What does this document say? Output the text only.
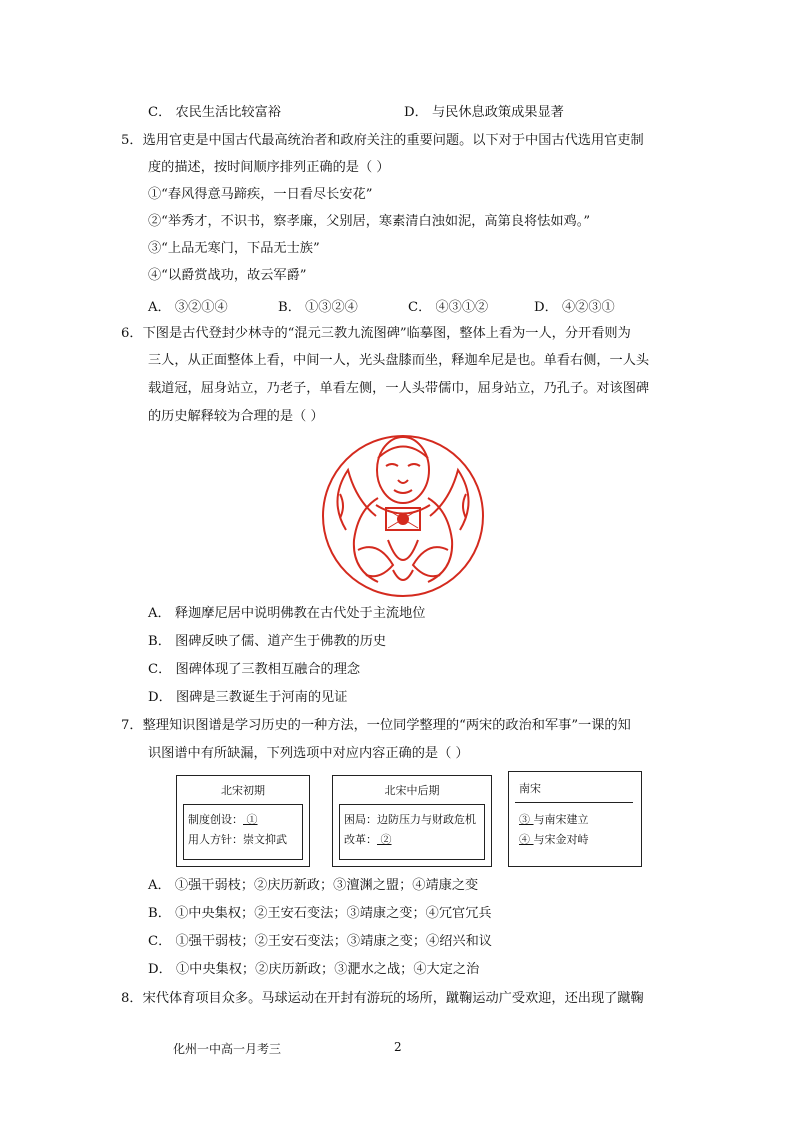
C． 农民生活比较富裕	D． 与民休息政策成果显著
5．选用官吏是中国古代最高统治者和政府关注的重要问题。以下对于中国古代选用官吏制
度的描述，按时间顺序排列正确的是（ ）
①“春风得意马蹄疾，一日看尽长安花”
②“举秀才，不识书，察孝廉，父别居，寒素清白浊如泥，高第良将怯如鸡。”
③“上品无寒门，下品无士族”
④“以爵赏战功，故云军爵”
A． ③②①④	B． ①③②④	C． ④③①②	D． ④②③①
6．下图是古代登封少林寺的“混元三教九流图碑”临摹图，整体上看为一人，分开看则为
三人，从正面整体上看，中间一人，光头盘膝而坐，释迦牟尼是也。单看右侧，一人头
载道冠，屈身站立，乃老子，单看左侧，一人头带儒巾，屈身站立，乃孔子。对该图碑
的历史解释较为合理的是（ ）
A． 释迦摩尼居中说明佛教在古代处于主流地位
B． 图碑反映了儒、道产生于佛教的历史
C． 图碑体现了三教相互融合的理念
D． 图碑是三教诞生于河南的见证
7．整理知识图谱是学习历史的一种方法，一位同学整理的“两宋的政治和军事”一课的知
识图谱中有所缺漏，下列选项中对应内容正确的是（ ）
北宋初期
制度创设： ①
用人方针：崇文抑武
北宋中后期
困局：边防压力与财政危机
改革： ②
南宋
③ 与南宋建立
④ 与宋金对峙
A． ①强干弱枝；②庆历新政；③澶渊之盟；④靖康之变
B． ①中央集权；②王安石变法；③靖康之变；④冗官冗兵
C． ①强干弱枝；②王安石变法；③靖康之变；④绍兴和议
D． ①中央集权；②庆历新政；③淝水之战；④大定之治
8．宋代体育项目众多。马球运动在开封有游玩的场所，蹴鞠运动广受欢迎，还出现了蹴鞠
化州一中高一月考三	2
